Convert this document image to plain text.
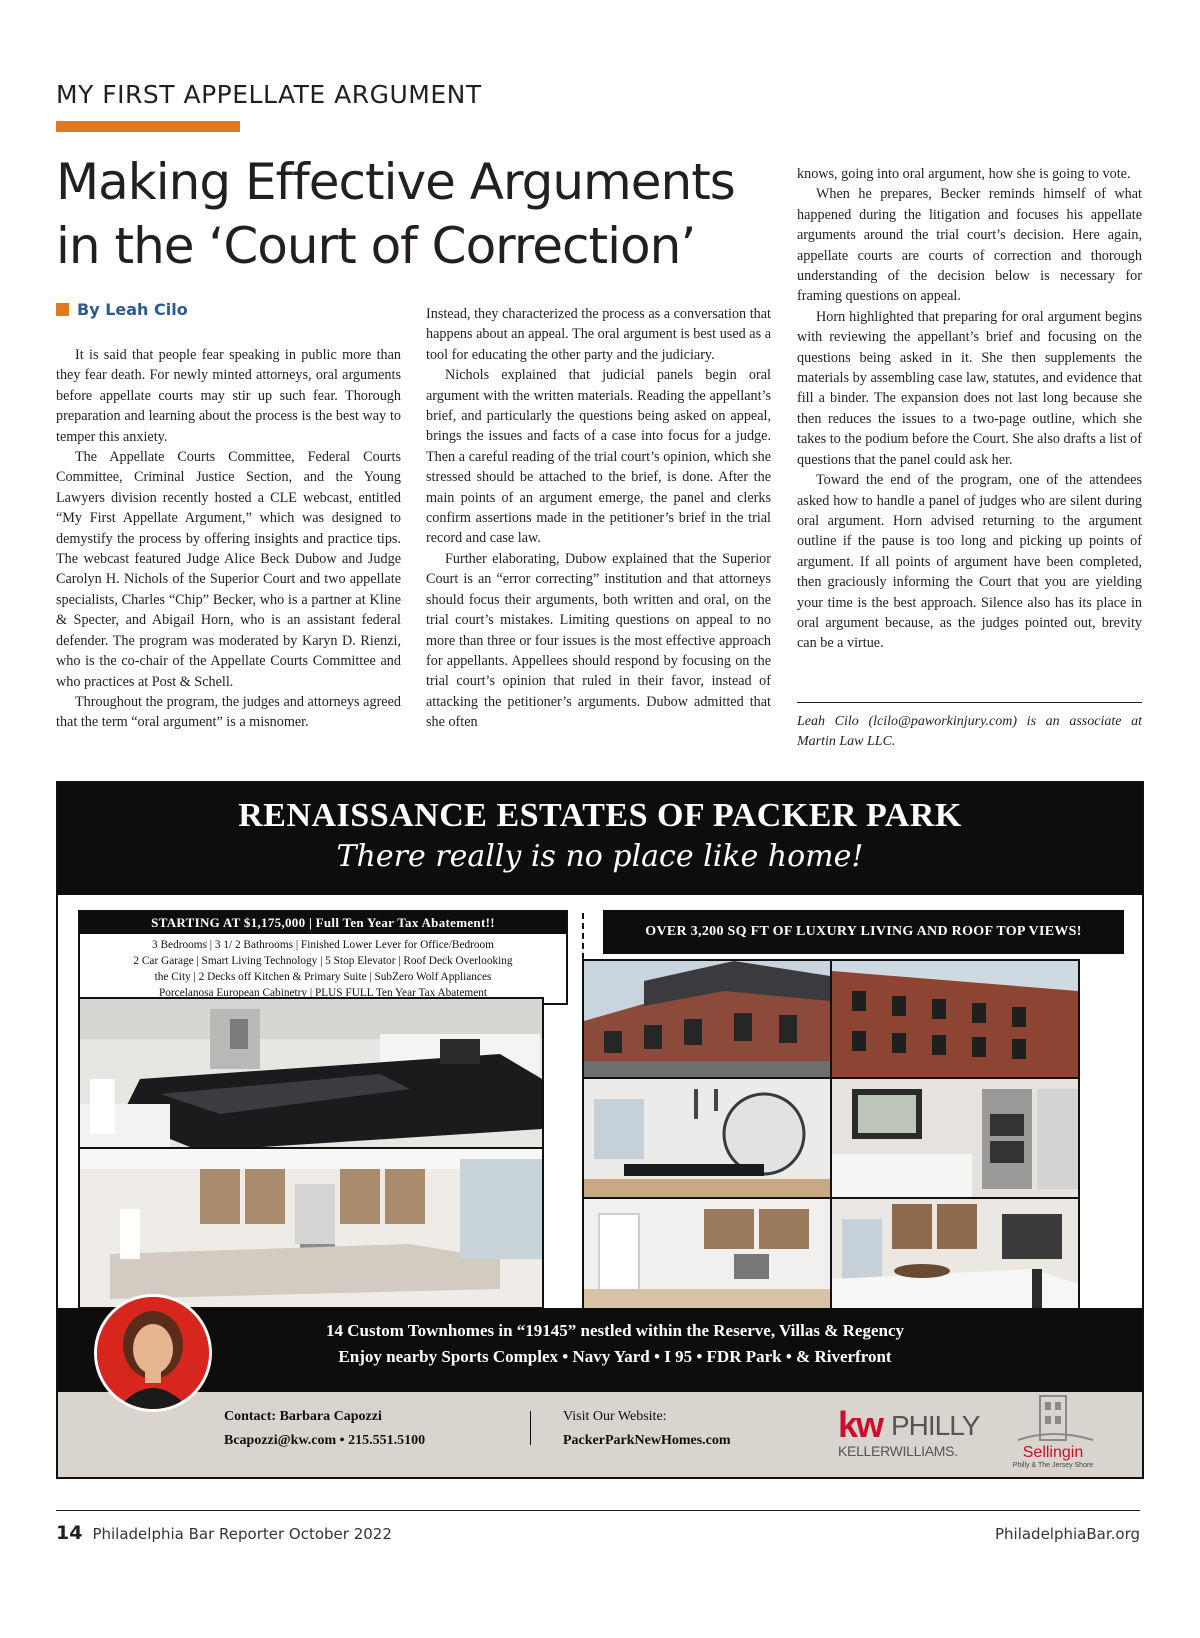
MY FIRST APPELLATE ARGUMENT
Making Effective Arguments in the ‘Court of Correction’
By Leah Cilo

It is said that people fear speaking in public more than they fear death. For newly minted attorneys, oral arguments before appellate courts may stir up such fear. Thorough preparation and learning about the process is the best way to temper this anxiety.

The Appellate Courts Committee, Federal Courts Committee, Criminal Justice Section, and the Young Lawyers division recently hosted a CLE webcast, entitled “My First Appellate Argument,” which was designed to demystify the process by offering insights and practice tips. The webcast featured Judge Alice Beck Dubow and Judge Carolyn H. Nichols of the Superior Court and two appellate specialists, Charles “Chip” Becker, who is a partner at Kline & Specter, and Abigail Horn, who is an assistant federal defender. The program was moderated by Karyn D. Rienzi, who is the co-chair of the Appellate Courts Committee and who practices at Post & Schell.

Throughout the program, the judges and attorneys agreed that the term “oral argument” is a misnomer.

Instead, they characterized the process as a conversation that happens about an appeal. The oral argument is best used as a tool for educating the other party and the judiciary.

Nichols explained that judicial panels begin oral argument with the written materials. Reading the appellant’s brief, and particularly the questions being asked on appeal, brings the issues and facts of a case into focus for a judge. Then a careful reading of the trial court’s opinion, which she stressed should be attached to the brief, is done. After the main points of an argument emerge, the panel and clerks confirm assertions made in the petitioner’s brief in the trial record and case law.

Further elaborating, Dubow explained that the Superior Court is an “error correcting” institution and that attorneys should focus their arguments, both written and oral, on the trial court’s mistakes. Limiting questions on appeal to no more than three or four issues is the most effective approach for appellants. Appellees should respond by focusing on the trial court’s opinion that ruled in their favor, instead of attacking the petitioner’s arguments. Dubow admitted that she often

knows, going into oral argument, how she is going to vote.

When he prepares, Becker reminds himself of what happened during the litigation and focuses his appellate arguments around the trial court’s decision. Here again, appellate courts are courts of correction and thorough understanding of the decision below is necessary for framing questions on appeal.

Horn highlighted that preparing for oral argument begins with reviewing the appellant’s brief and focusing on the questions being asked in it. She then supplements the materials by assembling case law, statutes, and evidence that fill a binder. The expansion does not last long because she then reduces the issues to a two-page outline, which she takes to the podium before the Court. She also drafts a list of questions that the panel could ask her.

Toward the end of the program, one of the attendees asked how to handle a panel of judges who are silent during oral argument. Horn advised returning to the argument outline if the pause is too long and picking up points of argument. If all points of argument have been completed, then graciously informing the Court that you are yielding your time is the best approach. Silence also has its place in oral argument because, as the judges pointed out, brevity can be a virtue.

Leah Cilo (lcilo@paworkinjury.com) is an associate at Martin Law LLC.
RENAISSANCE ESTATES OF PACKER PARK
There really is no place like home!
STARTING AT $1,175,000 | Full Ten Year Tax Abatement!!
3 Bedrooms | 3 1/ 2 Bathrooms | Finished Lower Lever for Office/Bedroom
2 Car Garage | Smart Living Technology | 5 Stop Elevator | Roof Deck Overlooking
the City | 2 Decks off Kitchen & Primary Suite | SubZero Wolf Appliances
Porcelanosa European Cabinetry | PLUS FULL Ten Year Tax Abatement
OVER 3,200 SQ FT OF LUXURY LIVING AND ROOF TOP VIEWS!
14 Custom Townhomes in “19145” nestled within the Reserve, Villas & Regency
Enjoy nearby Sports Complex • Navy Yard • I 95 • FDR Park • & Riverfront
Contact: Barbara Capozzi
Bcapozzi@kw.com • 215.551.5100
Visit Our Website:
PackerParkNewHomes.com	kw PHILLY
KELLERWILLIAMS.	Sellingin
Philly & The Jersey Shore
14 Philadelphia Bar Reporter October 2022	PhiladelphiaBar.org
